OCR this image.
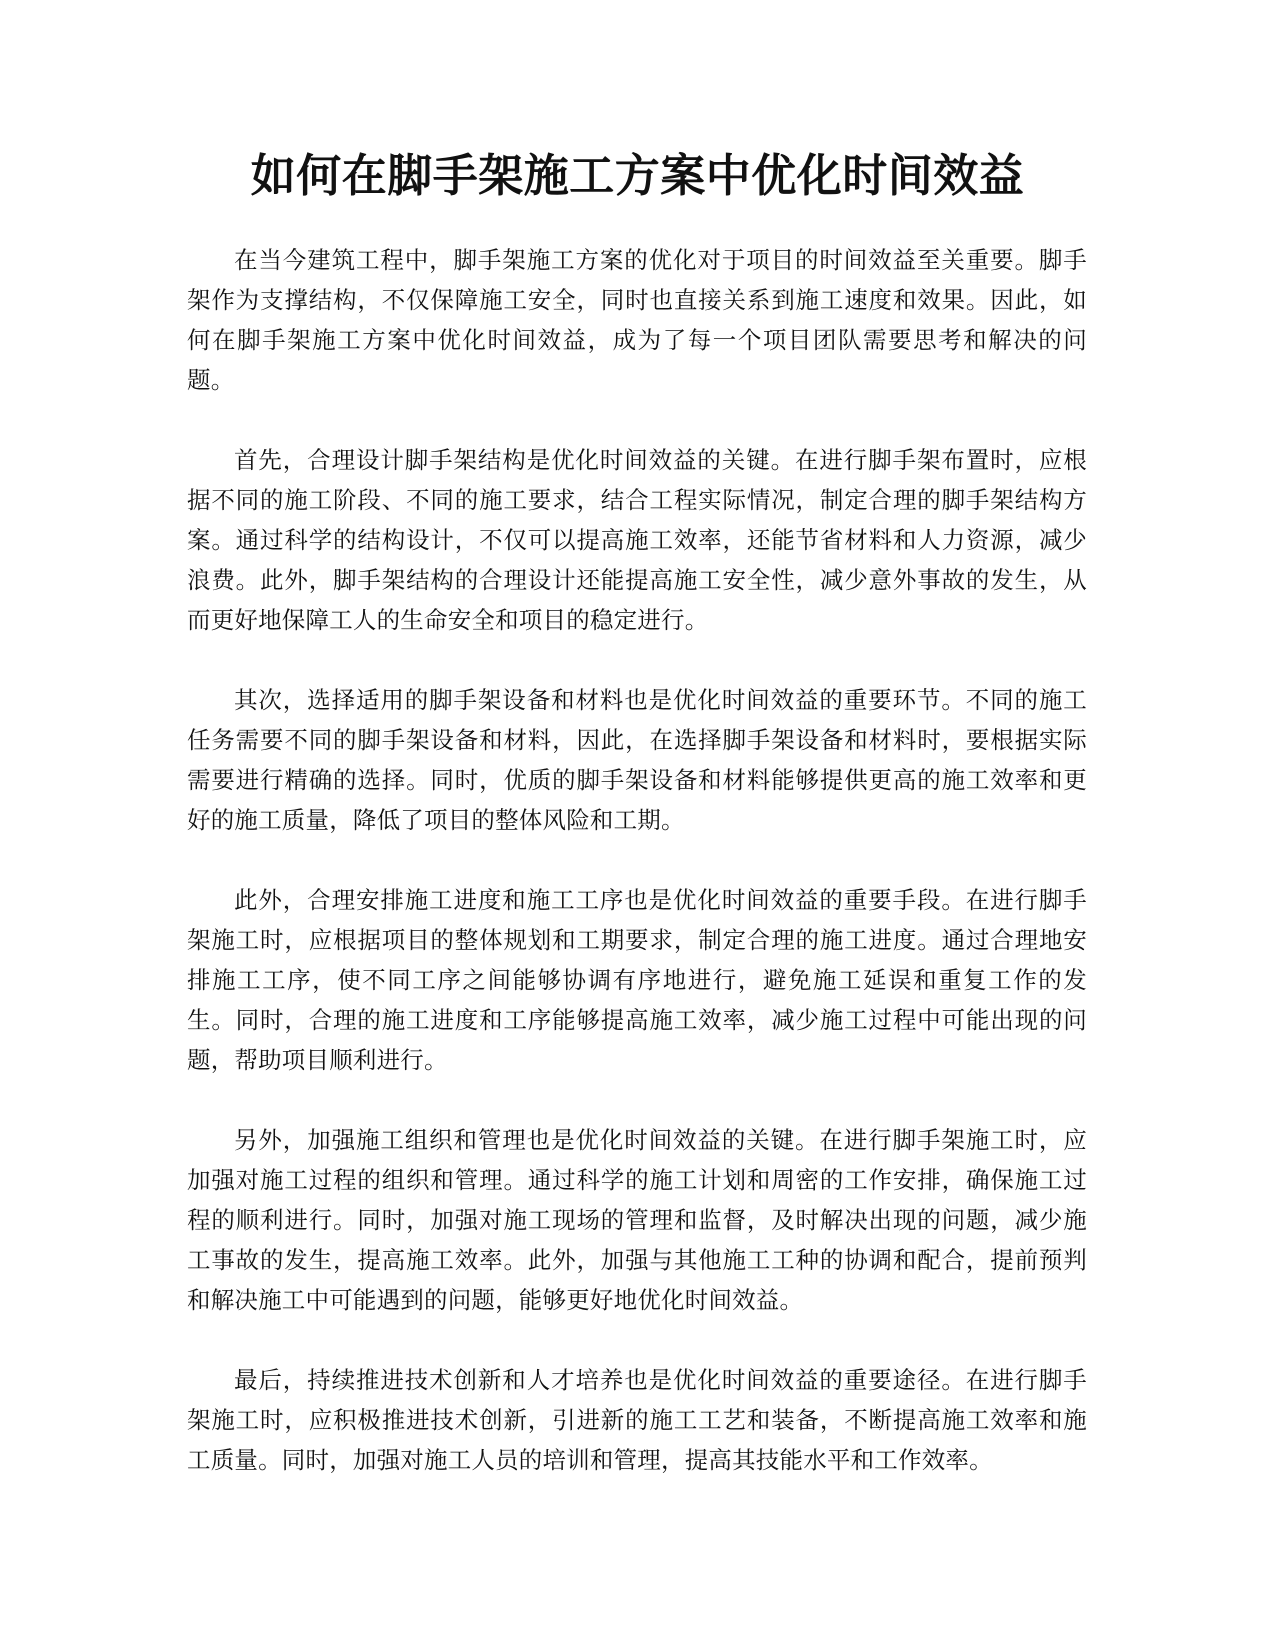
如何在脚手架施工方案中优化时间效益

在当今建筑工程中，脚手架施工方案的优化对于项目的时间效益至关重要。脚手架作为支撑结构，不仅保障施工安全，同时也直接关系到施工速度和效果。因此，如何在脚手架施工方案中优化时间效益，成为了每一个项目团队需要思考和解决的问题。

首先，合理设计脚手架结构是优化时间效益的关键。在进行脚手架布置时，应根据不同的施工阶段、不同的施工要求，结合工程实际情况，制定合理的脚手架结构方案。通过科学的结构设计，不仅可以提高施工效率，还能节省材料和人力资源，减少浪费。此外，脚手架结构的合理设计还能提高施工安全性，减少意外事故的发生，从而更好地保障工人的生命安全和项目的稳定进行。

其次，选择适用的脚手架设备和材料也是优化时间效益的重要环节。不同的施工任务需要不同的脚手架设备和材料，因此，在选择脚手架设备和材料时，要根据实际需要进行精确的选择。同时，优质的脚手架设备和材料能够提供更高的施工效率和更好的施工质量，降低了项目的整体风险和工期。

此外，合理安排施工进度和施工工序也是优化时间效益的重要手段。在进行脚手架施工时，应根据项目的整体规划和工期要求，制定合理的施工进度。通过合理地安排施工工序，使不同工序之间能够协调有序地进行，避免施工延误和重复工作的发生。同时，合理的施工进度和工序能够提高施工效率，减少施工过程中可能出现的问题，帮助项目顺利进行。

另外，加强施工组织和管理也是优化时间效益的关键。在进行脚手架施工时，应加强对施工过程的组织和管理。通过科学的施工计划和周密的工作安排，确保施工过程的顺利进行。同时，加强对施工现场的管理和监督，及时解决出现的问题，减少施工事故的发生，提高施工效率。此外，加强与其他施工工种的协调和配合，提前预判和解决施工中可能遇到的问题，能够更好地优化时间效益。

最后，持续推进技术创新和人才培养也是优化时间效益的重要途径。在进行脚手架施工时，应积极推进技术创新，引进新的施工工艺和装备，不断提高施工效率和施工质量。同时，加强对施工人员的培训和管理，提高其技能水平和工作效率。
